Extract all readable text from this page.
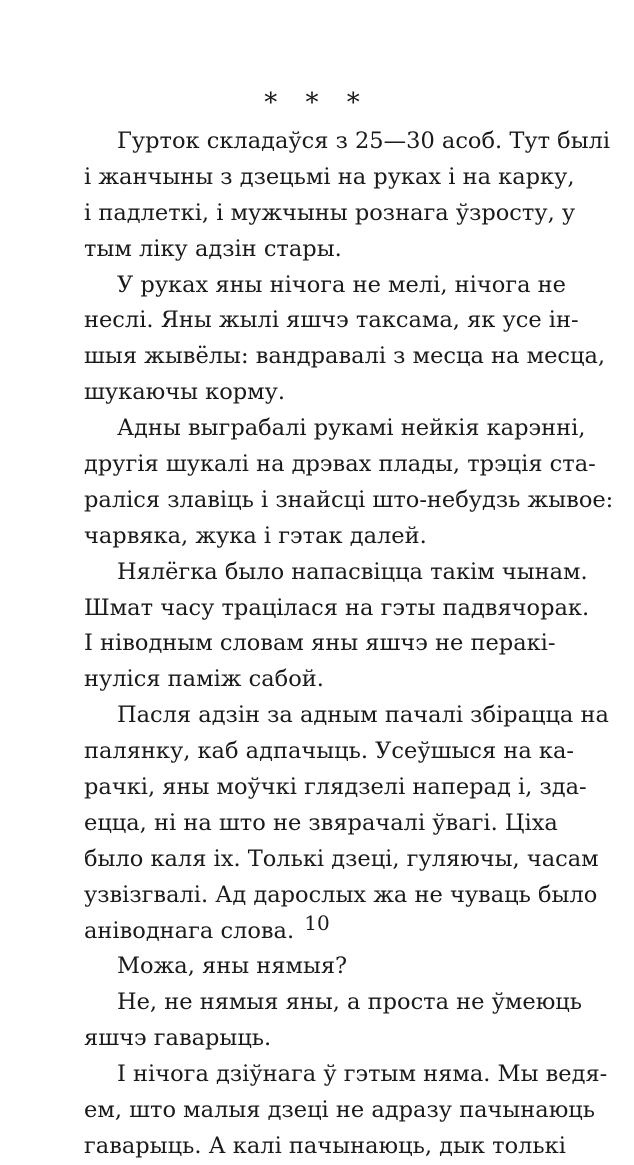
* * *
Гурток складаўся з 25—30 асоб. Тут былі
і жанчыны з дзецьмі на руках і на карку,
і падлеткі, і мужчыны рознага ўзросту, у
тым ліку адзін стары.
У руках яны нічога не мелі, нічога не
неслі. Яны жылі яшчэ таксама, як усе ін-
шыя жывёлы: вандравалі з месца на месца,
шукаючы корму.
Адны выграбалі рукамі нейкія карэнні,
другія шукалі на дрэвах плады, трэція ста-
раліся злавіць і знайсці што-небудзь жывое:
чарвяка, жука і гэтак далей.
Нялёгка было напасвіцца такім чынам.
Шмат часу трацілася на гэты падвячорак.
І ніводным словам яны яшчэ не перакі-
нуліся паміж сабой.
Пасля адзін за адным пачалі збірацца на
палянку, каб адпачыць. Усеўшыся на ка-
рачкі, яны моўчкі глядзелі наперад і, зда-
ецца, ні на што не звярачалі ўвагі. Ціха
было каля іх. Толькі дзеці, гуляючы, часам
узвізгвалі. Ад дарослых жа не чуваць было
аніводнага слова.
Можа, яны нямыя?
Не, не нямыя яны, а проста не ўмеюць
яшчэ гаварыць.
І нічога дзіўнага ў гэтым няма. Мы ведя-
ем, што малыя дзеці не адразу пачынаюць
гаварыць. А калі пачынаюць, дык толькі
10
